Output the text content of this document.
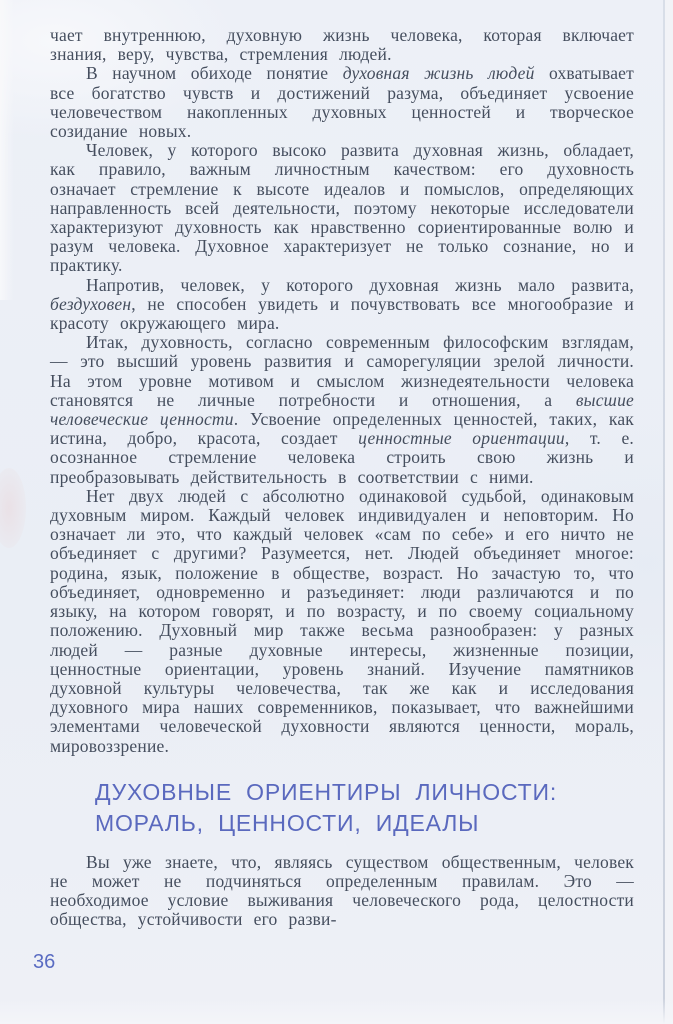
чает внутреннюю, духовную жизнь человека, которая включает знания, веру, чувства, стремления людей.

В научном обиходе понятие духовная жизнь людей охватывает все богатство чувств и достижений разума, объединяет усвоение человечеством накопленных духовных ценностей и творческое созидание новых.

Человек, у которого высоко развита духовная жизнь, обладает, как правило, важным личностным качеством: его духовность означает стремление к высоте идеалов и помыслов, определяющих направленность всей деятельности, поэтому некоторые исследователи характеризуют духовность как нравственно сориентированные волю и разум человека. Духовное характеризует не только сознание, но и практику.

Напротив, человек, у которого духовная жизнь мало развита, бездуховен, не способен увидеть и почувствовать все многообразие и красоту окружающего мира.

Итак, духовность, согласно современным философским взглядам,— это высший уровень развития и саморегуляции зрелой личности. На этом уровне мотивом и смыслом жизнедеятельности человека становятся не личные потребности и отношения, а высшие человеческие ценности. Усвоение определенных ценностей, таких, как истина, добро, красота, создает ценностные ориентации, т. е. осознанное стремление человека строить свою жизнь и преобразовывать действительность в соответствии с ними.

Нет двух людей с абсолютно одинаковой судьбой, одинаковым духовным миром. Каждый человек индивидуален и неповторим. Но означает ли это, что каждый человек «сам по себе» и его ничто не объединяет с другими? Разумеется, нет. Людей объединяет многое: родина, язык, положение в обществе, возраст. Но зачастую то, что объединяет, одновременно и разъединяет: люди различаются и по языку, на котором говорят, и по возрасту, и по своему социальному положению. Духовный мир также весьма разнообразен: у разных людей — разные духовные интересы, жизненные позиции, ценностные ориентации, уровень знаний. Изучение памятников духовной культуры человечества, так же как и исследования духовного мира наших современников, показывает, что важнейшими элементами человеческой духовности являются ценности, мораль, мировоззрение.

ДУХОВНЫЕ ОРИЕНТИРЫ ЛИЧНОСТИ:
МОРАЛЬ, ЦЕННОСТИ, ИДЕАЛЫ

Вы уже знаете, что, являясь существом общественным, человек не может не подчиняться определенным правилам. Это — необходимое условие выживания человеческого рода, целостности общества, устойчивости его разви-

36
